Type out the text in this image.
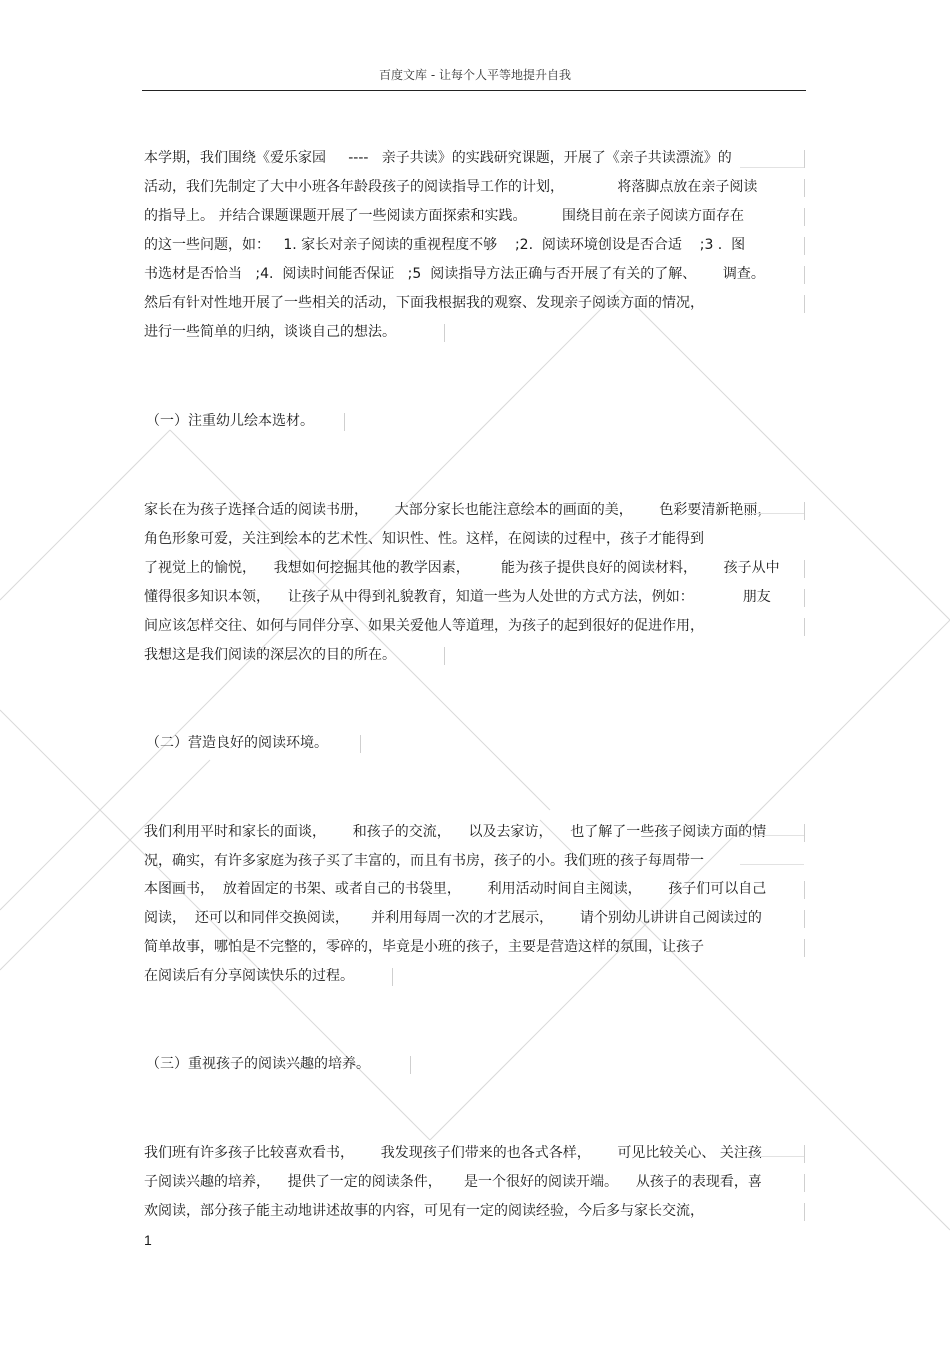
百度文库 - 让每个人平等地提升自我
本学期，我们围绕《爱乐家园     ----   亲子共读》的实践研究课题，开展了《亲子共读漂流》的
活动，我们先制定了大中小班各年龄段孩子的阅读指导工作的计划，            将落脚点放在亲子阅读
的指导上。 并结合课题课题开展了一些阅读方面探索和实践。        围绕目前在亲子阅读方面存在
的这一些问题，如：   1. 家长对亲子阅读的重视程度不够    ;2.  阅读环境创设是否合适    ;3 .  图
书选材是否恰当   ;4.  阅读时间能否保证   ;5  阅读指导方法正确与否开展了有关的了解、      调查。
然后有针对性地开展了一些相关的活动，下面我根据我的观察、发现亲子阅读方面的情况，
进行一些简单的归纳，谈谈自己的想法。
（一）注重幼儿绘本选材。
家长在为孩子选择合适的阅读书册，      大部分家长也能注意绘本的画面的美，      色彩要清新艳丽，
角色形象可爱，关注到绘本的艺术性、知识性、性。这样，在阅读的过程中，孩子才能得到
了视觉上的愉悦，    我想如何挖掘其他的教学因素，       能为孩子提供良好的阅读材料，      孩子从中
懂得很多知识本领，    让孩子从中得到礼貌教育，知道一些为人处世的方式方法，例如：           朋友
间应该怎样交往、如何与同伴分享、如果关爱他人等道理，为孩子的起到很好的促进作用，
我想这是我们阅读的深层次的目的所在。
（二）营造良好的阅读环境。
我们利用平时和家长的面谈，      和孩子的交流，    以及去家访，    也了解了一些孩子阅读方面的情
况，确实，有许多家庭为孩子买了丰富的，而且有书房，孩子的小。我们班的孩子每周带一
本图画书，  放着固定的书架、或者自己的书袋里，      利用活动时间自主阅读，      孩子们可以自己
阅读，  还可以和同伴交换阅读，     并利用每周一次的才艺展示，      请个别幼儿讲讲自己阅读过的
简单故事，哪怕是不完整的，零碎的，毕竟是小班的孩子，主要是营造这样的氛围，让孩子
在阅读后有分享阅读快乐的过程。
（三）重视孩子的阅读兴趣的培养。
我们班有许多孩子比较喜欢看书，      我发现孩子们带来的也各式各样，      可见比较关心、 关注孩
子阅读兴趣的培养，    提供了一定的阅读条件，     是一个很好的阅读开端。    从孩子的表现看，喜
欢阅读，部分孩子能主动地讲述故事的内容，可见有一定的阅读经验，今后多与家长交流，
1
